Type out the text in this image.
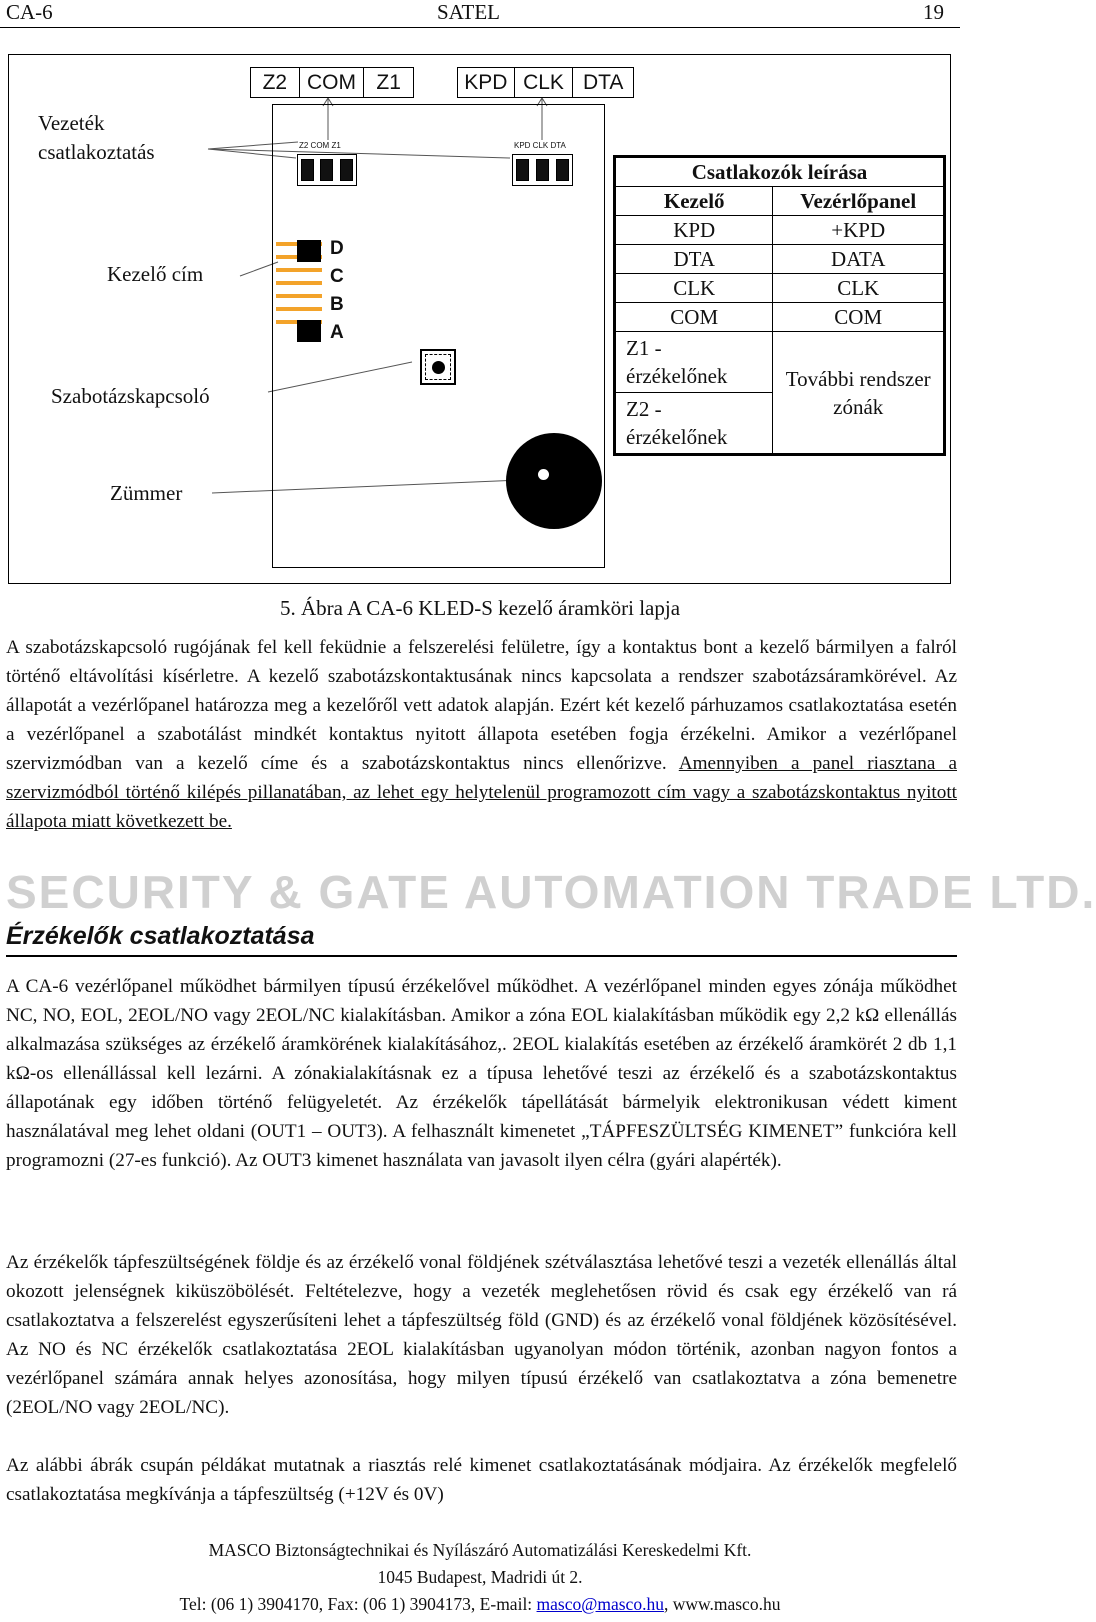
CA-6	SATEL	19
Vezeték
csatlakoztatás
Kezelő cím
Szabotázskapcsoló
Zümmer
Z2 COM Z1	KPD CLK DTA
Z2 COM Z1	KPD CLK DTA
D
C
B
A
Csatlakozók leírása	
Kezelő	Vezérlőpanel
KPD	+KPD
DTA	DATA
CLK	CLK
COM	COM
Z1 - érzékelőnek	További rendszer zónák
Z2 - érzékelőnek	
5. Ábra A CA-6 KLED-S kezelő áramköri lapja
SECURITY & GATE AUTOMATION TRADE LTD.

A szabotázskapcsoló rugójának fel kell feküdnie a felszerelési felületre, így a kontaktus bont a kezelő bármilyen a falról történő eltávolítási kísérletre. A kezelő szabotázskontaktusának nincs kapcsolata a rendszer szabotázsáramkörével. Az állapotát a vezérlőpanel határozza meg a kezelőről vett adatok alapján. Ezért két kezelő párhuzamos csatlakoztatása esetén a vezérlőpanel a szabotálást mindkét kontaktus nyitott állapota esetében fogja érzékelni. Amikor a vezérlőpanel szervizmódban van a kezelő címe és a szabotázskontaktus nincs ellenőrizve. Amennyiben a panel riasztana a szervizmódból történő kilépés pillanatában, az lehet egy helytelenül programozott cím vagy a szabotázskontaktus nyitott állapota miatt következett be.

Érzékelők csatlakoztatása
A CA-6 vezérlőpanel működhet bármilyen típusú érzékelővel működhet. A vezérlőpanel minden egyes zónája működhet NC, NO, EOL, 2EOL/NO vagy 2EOL/NC kialakításban. Amikor a zóna EOL kialakításban működik egy 2,2 kΩ ellenállás alkalmazása szükséges az érzékelő áramkörének kialakításához,. 2EOL kialakítás esetében az érzékelő áramkörét 2 db 1,1 kΩ-os ellenállással kell lezárni. A zónakialakításnak ez a típusa lehetővé teszi az érzékelő és a szabotázskontaktus állapotának egy időben történő felügyeletét. Az érzékelők tápellátását bármelyik elektronikusan védett kiment használatával meg lehet oldani (OUT1 – OUT3). A felhasznált kimenetet „TÁPFESZÜLTSÉG KIMENET” funkcióra kell programozni (27-es funkció). Az OUT3 kimenet használata van javasolt ilyen célra (gyári alapérték).
Az érzékelők tápfeszültségének földje és az érzékelő vonal földjének szétválasztása lehetővé teszi a vezeték ellenállás által okozott jelenségnek kiküszöbölését. Feltételezve, hogy a vezeték meglehetősen rövid és csak egy érzékelő van rá csatlakoztatva a felszerelést egyszerűsíteni lehet a tápfeszültség föld (GND) és az érzékelő vonal földjének közösítésével. Az NO és NC érzékelők csatlakoztatása 2EOL kialakításban ugyanolyan módon történik, azonban nagyon fontos a vezérlőpanel számára annak helyes azonosítása, hogy milyen típusú érzékelő van csatlakoztatva a zóna bemenetre (2EOL/NO vagy 2EOL/NC).
Az alábbi ábrák csupán példákat mutatnak a riasztás relé kimenet csatlakoztatásának módjaira. Az érzékelők megfelelő csatlakoztatása megkívánja a tápfeszültség (+12V és 0V)
MASCO Biztonságtechnikai és Nyílászáró Automatizálási Kereskedelmi Kft.
1045 Budapest, Madridi út 2.
Tel: (06 1) 3904170, Fax: (06 1) 3904173, E-mail: masco@masco.hu, www.masco.hu
